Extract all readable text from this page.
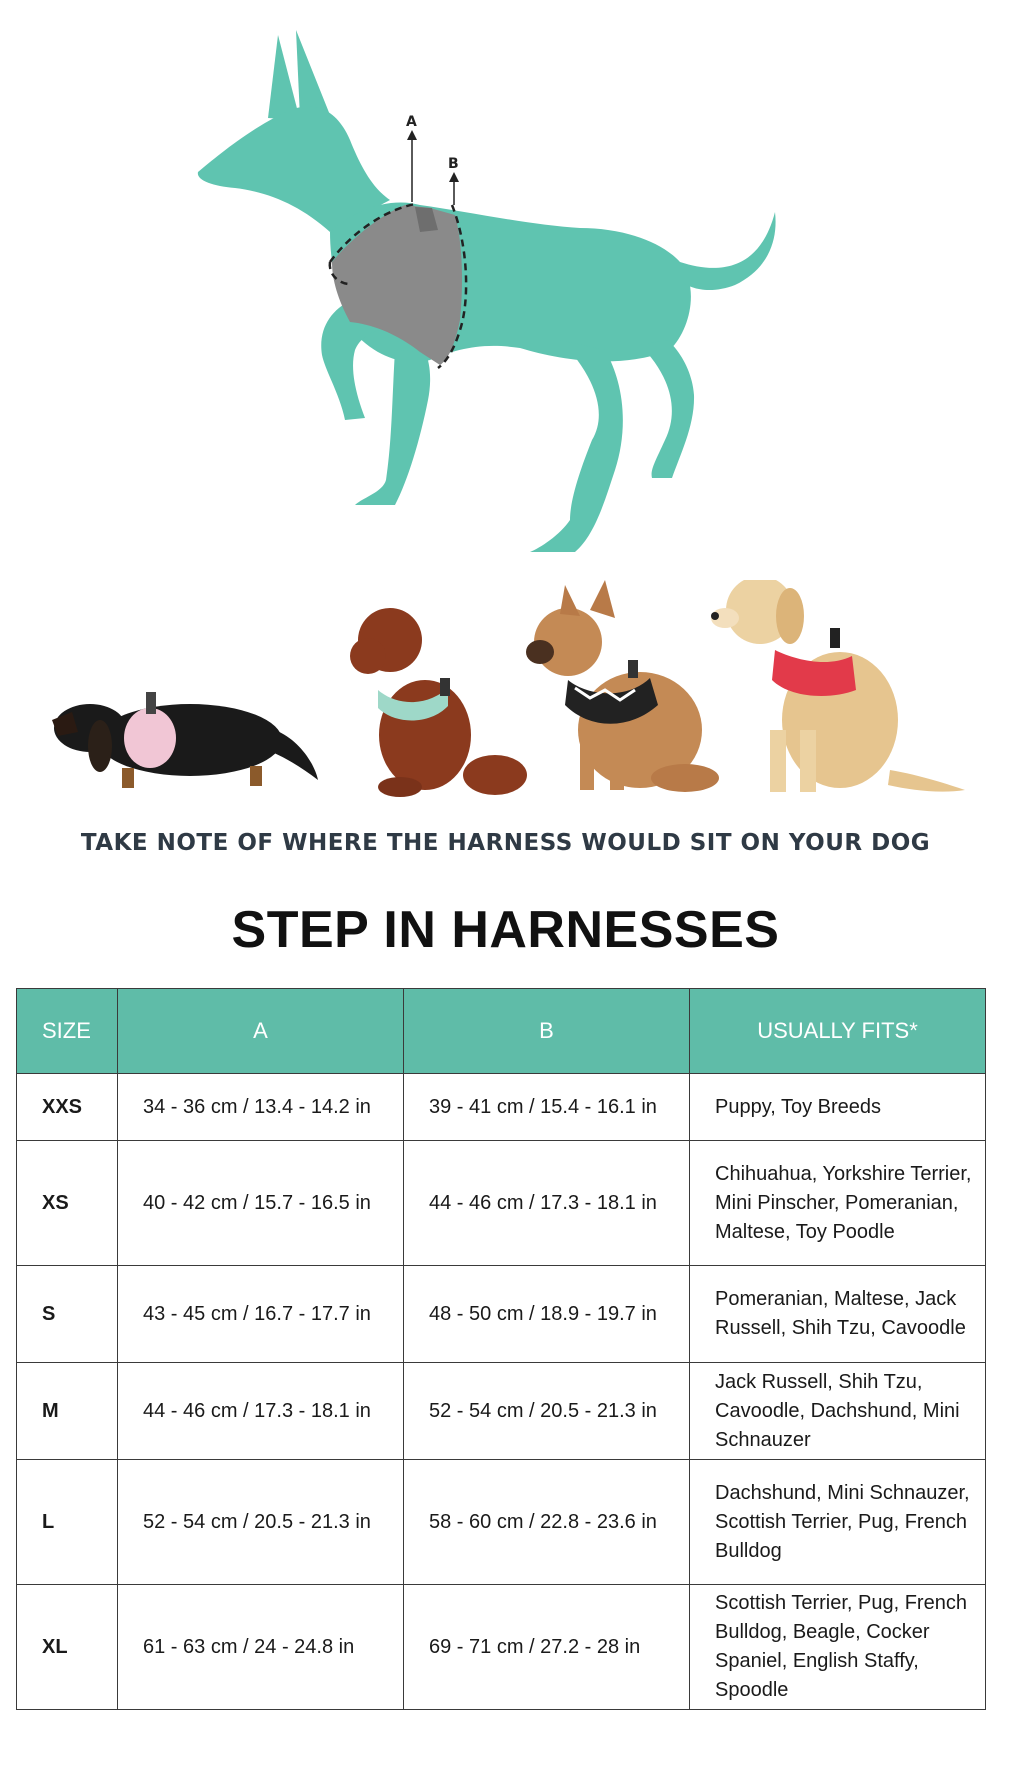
A
B
TAKE NOTE OF WHERE THE HARNESS WOULD SIT ON YOUR DOG
STEP IN HARNESSES
SIZE	A	B	USUALLY FITS*
XXS	34 - 36 cm / 13.4 - 14.2 in	39 - 41 cm / 15.4 - 16.1 in	Puppy, Toy Breeds
XS	40 - 42 cm / 15.7 - 16.5 in	44 - 46 cm / 17.3 - 18.1 in	Chihuahua, Yorkshire Terrier, Mini Pinscher, Pomeranian, Maltese, Toy Poodle
S	43 - 45 cm / 16.7 - 17.7 in	48 - 50 cm / 18.9 - 19.7 in	Pomeranian, Maltese, Jack Russell, Shih Tzu, Cavoodle
M	44 - 46 cm / 17.3 - 18.1 in	52 - 54 cm / 20.5 - 21.3 in	Jack Russell, Shih Tzu, Cavoodle, Dachshund, Mini Schnauzer
L	52 - 54 cm / 20.5 - 21.3 in	58 - 60 cm / 22.8 - 23.6 in	Dachshund, Mini Schnauzer, Scottish Terrier, Pug, French Bulldog
XL	61 - 63 cm / 24 - 24.8 in	69 - 71 cm / 27.2 - 28 in	Scottish Terrier, Pug, French Bulldog, Beagle, Cocker Spaniel, English Staffy, Spoodle
